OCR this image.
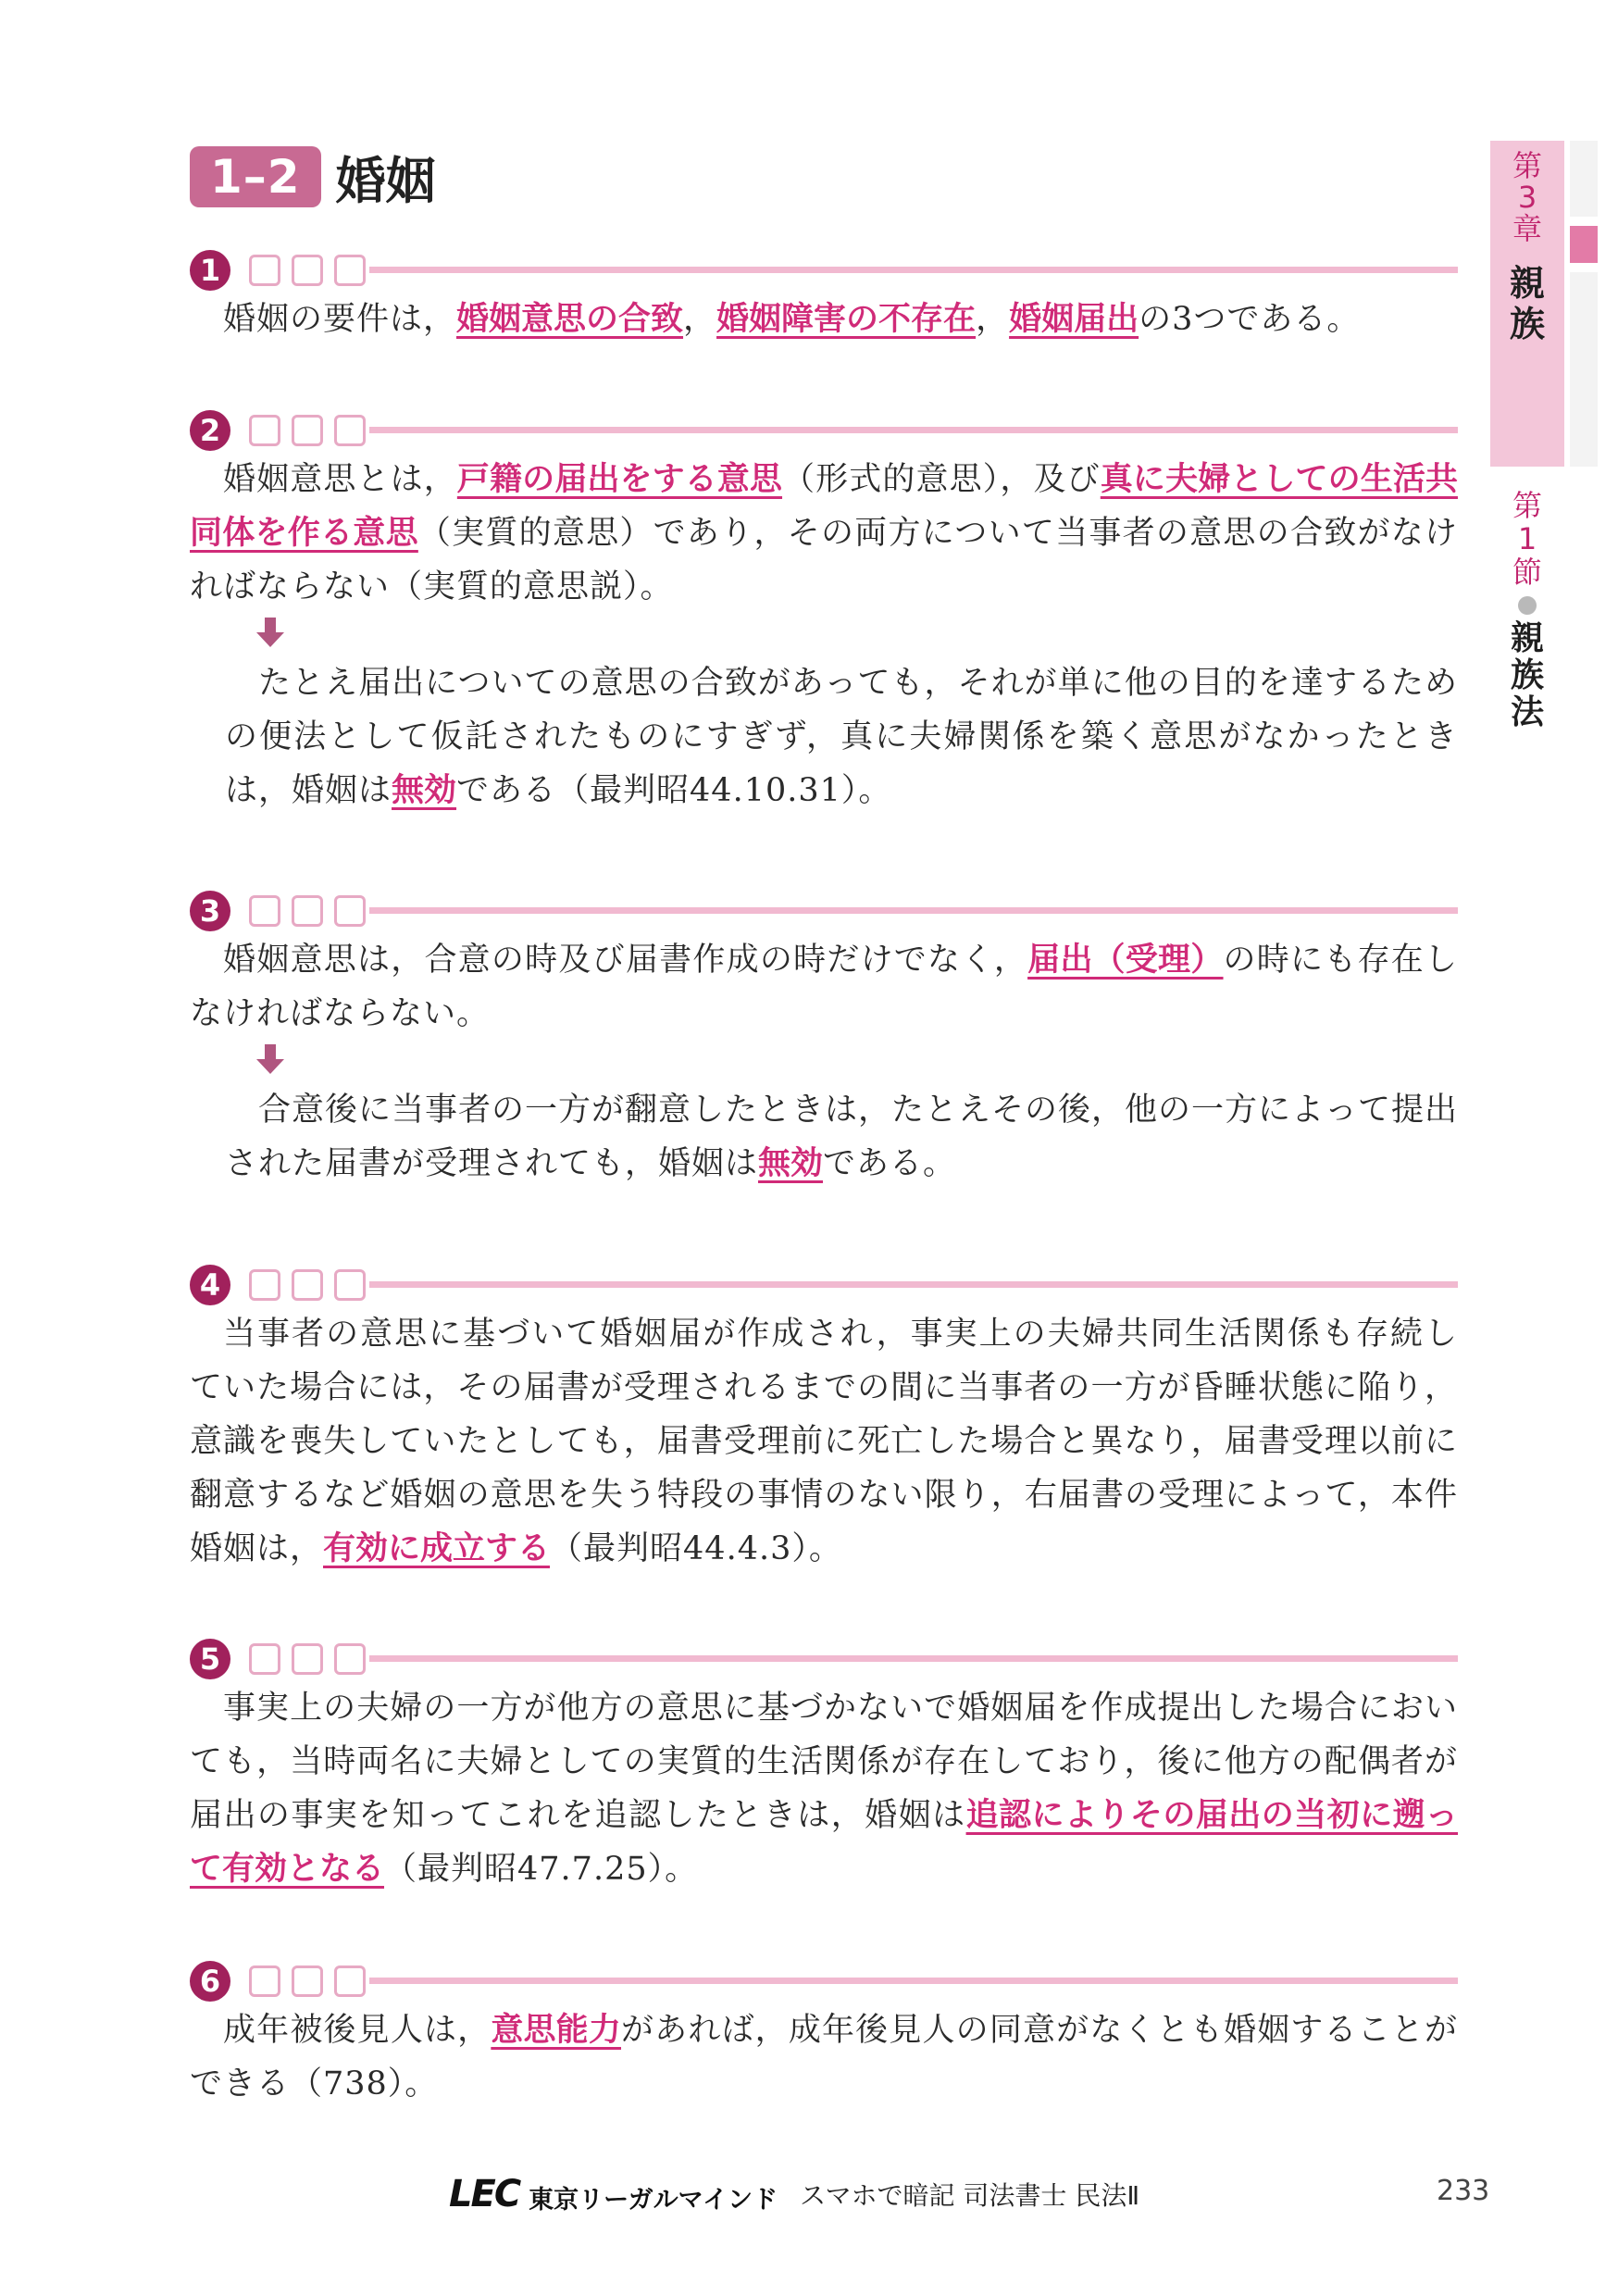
1–2 婚姻
1

婚姻の要件は，婚姻意思の合致，婚姻障害の不存在，婚姻届出の3つである。

2

婚姻意思とは，戸籍の届出をする意思（形式的意思），及び真に夫婦としての生活共同体を作る意思（実質的意思）であり，その両方について当事者の意思の合致がなければならない（実質的意思説）。

たとえ届出についての意思の合致があっても，それが単に他の目的を達するための便法として仮託されたものにすぎず，真に夫婦関係を築く意思がなかったときは，婚姻は無効である（最判昭44.10.31）。

3

婚姻意思は，合意の時及び届書作成の時だけでなく，届出（受理）の時にも存在しなければならない。

合意後に当事者の一方が翻意したときは，たとえその後，他の一方によって提出された届書が受理されても，婚姻は無効である。

4

当事者の意思に基づいて婚姻届が作成され，事実上の夫婦共同生活関係も存続していた場合には，その届書が受理されるまでの間に当事者の一方が昏睡状態に陥り，意識を喪失していたとしても，届書受理前に死亡した場合と異なり，届書受理以前に翻意するなど婚姻の意思を失う特段の事情のない限り，右届書の受理によって，本件婚姻は，有効に成立する（最判昭44.4.3）。

5

事実上の夫婦の一方が他方の意思に基づかないで婚姻届を作成提出した場合においても，当時両名に夫婦としての実質的生活関係が存在しており，後に他方の配偶者が届出の事実を知ってこれを追認したときは，婚姻は追認によりその届出の当初に遡って有効となる（最判昭47.7.25）。

6

成年被後見人は，意思能力があれば，成年後見人の同意がなくとも婚姻することができる（738）。

第
3
章
親
族
第
1
節
親
族
法
LEC 東京リーガルマインド スマホで暗記 司法書士 民法Ⅱ	233
